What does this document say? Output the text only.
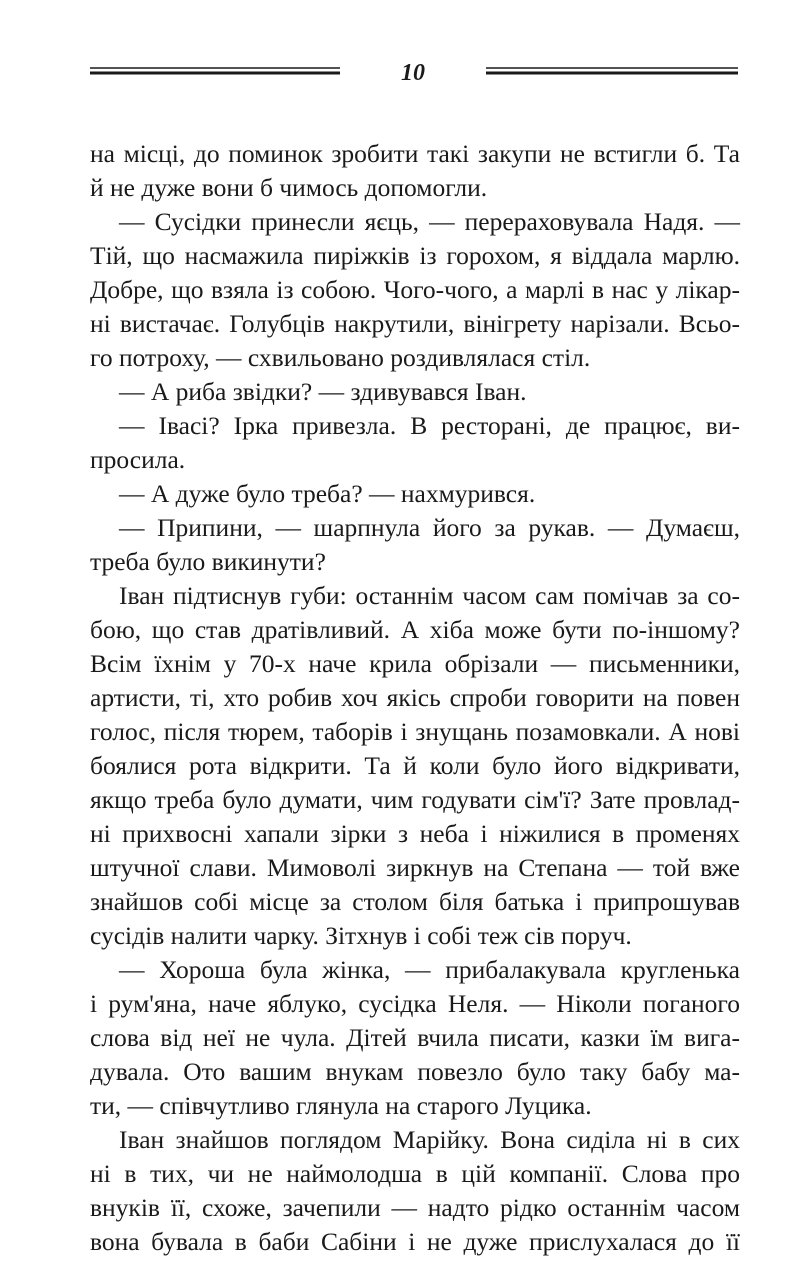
10
на місці, до поминок зробити такі закупи не встигли б. Та
й не дуже вони б чимось допомогли.
— Сусідки принесли яєць, — перераховувала Надя. —
Тій, що насмажила пиріжків із горохом, я віддала марлю.
Добре, що взяла із собою. Чого-чого, а марлі в нас у лікар-
ні вистачає. Голубців накрутили, вінігрету нарізали. Всьо-
го потроху, — схвильовано роздивлялася стіл.
— А риба звідки? — здивувався Іван.
— Івасі? Ірка привезла. В ресторані, де працює, ви-
просила.
— А дуже було треба? — нахмурився.
— Припини, — шарпнула його за рукав. — Думаєш,
треба було викинути?
Іван підтиснув губи: останнім часом сам помічав за со-
бою, що став дратівливий. А хіба може бути по-іншому?
Всім їхнім у 70-х наче крила обрізали — письменники,
артисти, ті, хто робив хоч якісь спроби говорити на повен
голос, після тюрем, таборів і знущань позамовкали. А нові
боялися рота відкрити. Та й коли було його відкривати,
якщо треба було думати, чим годувати сім'ї? Зате провлад-
ні прихвосні хапали зірки з неба і ніжилися в променях
штучної слави. Мимоволі зиркнув на Степана — той вже
знайшов собі місце за столом біля батька і припрошував
сусідів налити чарку. Зітхнув і собі теж сів поруч.
— Хороша була жінка, — прибалакувала кругленька
і рум'яна, наче яблуко, сусідка Неля. — Ніколи поганого
слова від неї не чула. Дітей вчила писати, казки їм вига-
дувала. Ото вашим внукам повезло було таку бабу ма-
ти, — співчутливо глянула на старого Луцика.
Іван знайшов поглядом Марійку. Вона сиділа ні в сих
ні в тих, чи не наймолодша в цій компанії. Слова про
внуків її, схоже, зачепили — надто рідко останнім часом
вона бувала в баби Сабіни і не дуже прислухалася до її
